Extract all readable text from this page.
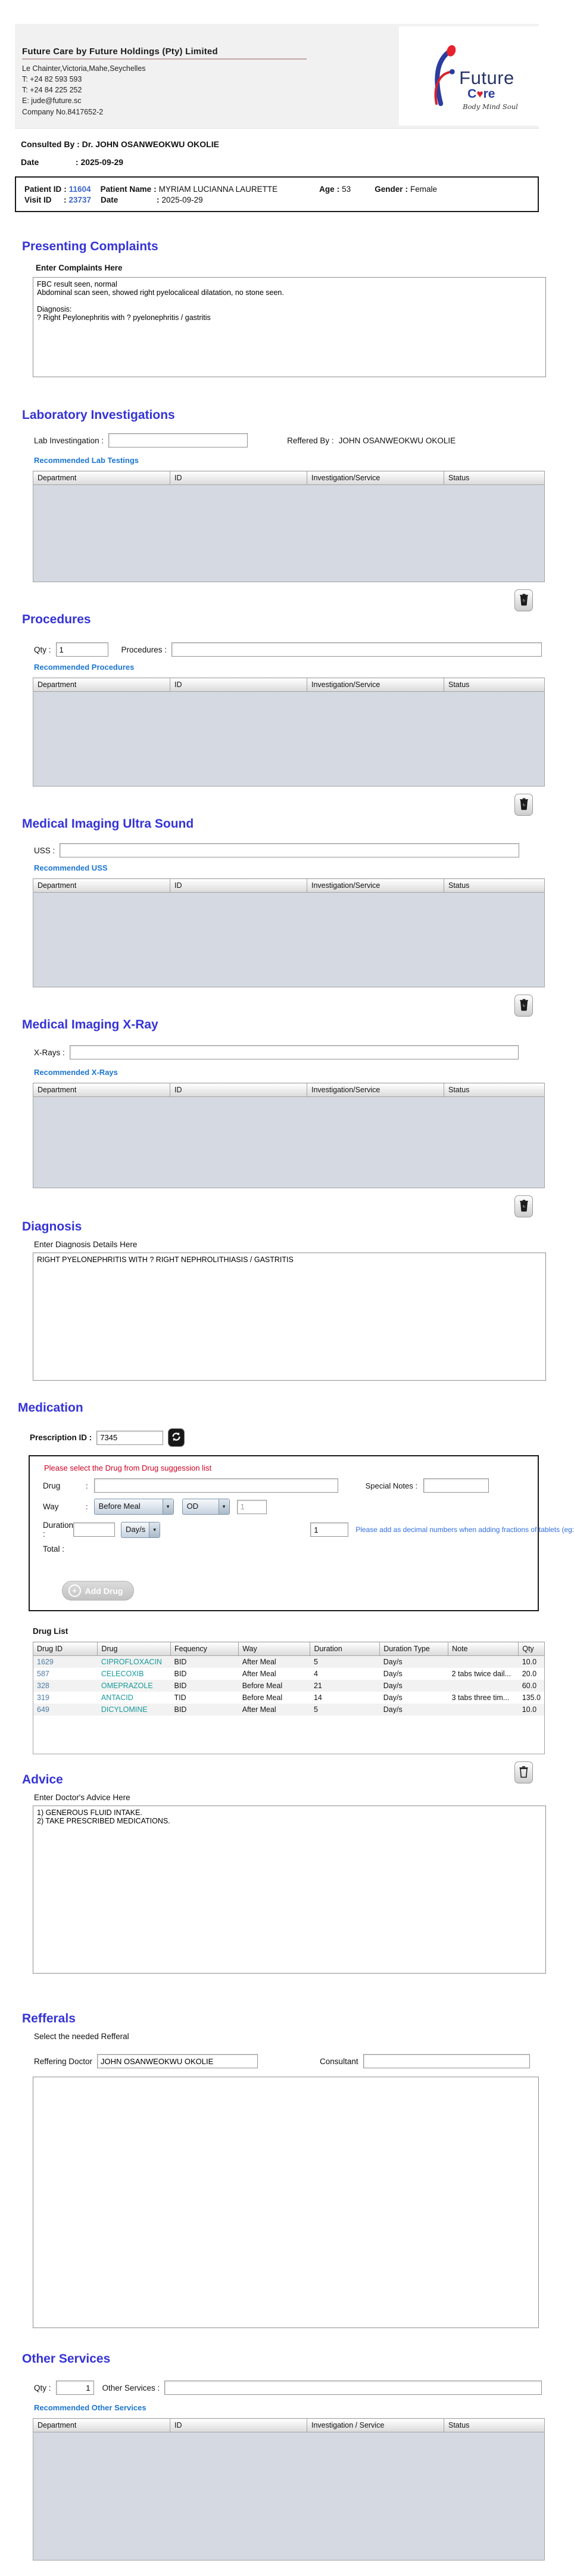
Future Care by Future Holdings (Pty) Limited
Le Chainter,Victoria,Mahe,Seychelles
T: +24 82 593 593
T: +24 84 225 252
E: jude@future.sc
Company No.8417652-2
Future
C♥re
Body Mind Soul
Consulted By : Dr. JOHN OSANWEOKWU OKOLIE
Date	: 2025-09-29
Patient ID : 11604 Patient Name : MYRIAM LUCIANNA LAURETTE	Age : 53	Gender : Female
Visit ID	: 23737 Date	: 2025-09-29
Presenting Complaints
Enter Complaints Here
FBC result seen, normal Abdominal scan seen, showed right pyelocaliceal dilatation, no stone seen. Diagnosis: ? Right Peylonephritis with ? pyelonephritis / gastritis
Laboratory Investigations
Lab Investingation :	Reffered By : JOHN OSANWEOKWU OKOLIE
Recommended Lab Testings
Department	ID	Investigation/Service	Status

↻
Procedures
Qty :
1	Procedures :
Recommended Procedures
Department	ID	Investigation/Service	Status

↻
Medical Imaging Ultra Sound
USS :
Recommended USS
Department	ID	Investigation/Service	Status

↻
Medical Imaging X-Ray
X-Rays :
Recommended X-Rays
Department	ID	Investigation/Service	Status

↻
Diagnosis
Enter Diagnosis Details Here
RIGHT PYELONEPHRITIS WITH ? RIGHT NEPHROLITHIASIS / GASTRITIS
Medication
Prescription ID :
7345
Please select the Drug from Drug suggession list
Drug	:	Special Notes :
Way	:	Before Meal	▼	OD	▼
1
Duration :
Day/s	▼
1	Please add as decimal numbers when adding fractions of tablets (eg:
Total :

+ Add Drug
Drug List
Drug ID	Drug	Fequency	Way	Duration	Duration Type	Note	Qty
1629	CIPROFLOXACIN	BID	After Meal	5	Day/s		10.0
587	CELECOXIB	BID	After Meal	4	Day/s	2 tabs twice dail...	20.0
328	OMEPRAZOLE	BID	Before Meal	21	Day/s		60.0
319	ANTACID	TID	Before Meal	14	Day/s	3 tabs three tim...	135.0
649	DICYLOMINE	BID	After Meal	5	Day/s		10.0

Advice
Enter Doctor's Advice Here
1) GENEROUS FLUID INTAKE. 2) TAKE PRESCRIBED MEDICATIONS.
Refferals
Select the needed Refferal
Reffering Doctor
JOHN OSANWEOKWU OKOLIE	Consultant
Other Services
Qty :
1	Other Services :
Recommended Other Services
Department	ID	Investigation / Service	Status
